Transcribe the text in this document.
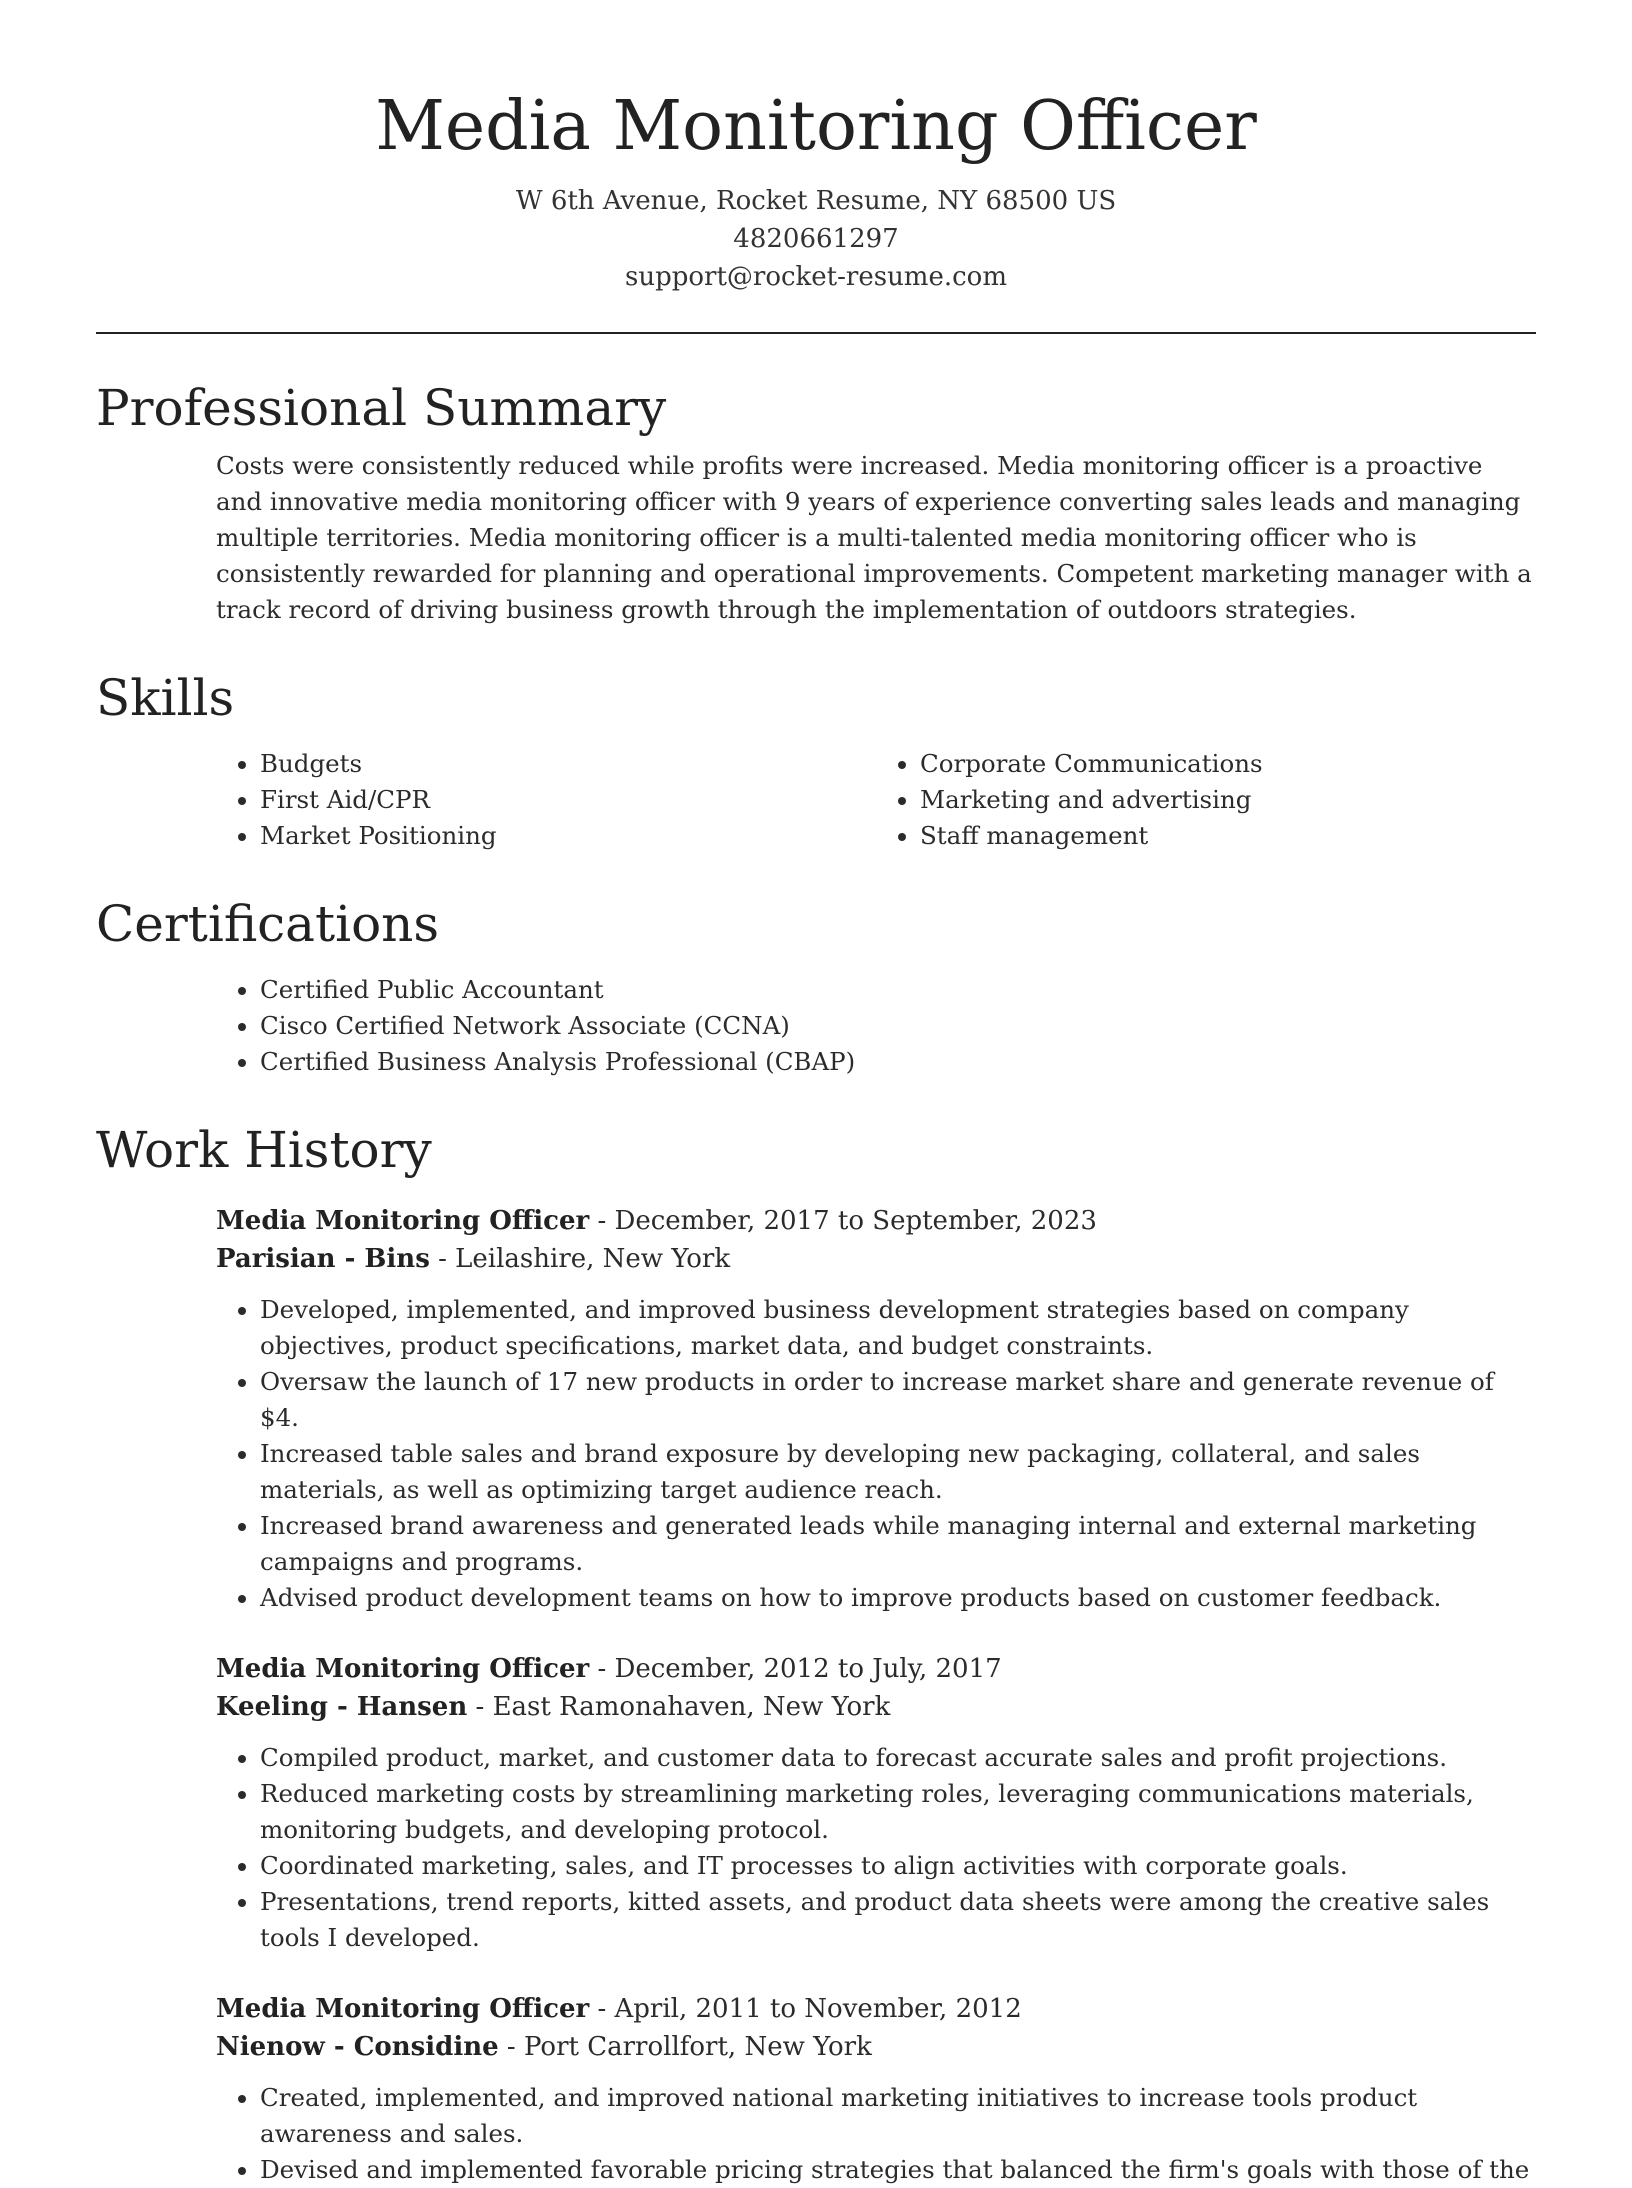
Media Monitoring Officer
W 6th Avenue, Rocket Resume, NY 68500 US
4820661297
support@rocket-resume.com
Professional Summary
Costs were consistently reduced while profits were increased. Media monitoring officer is a proactive and innovative media monitoring officer with 9 years of experience converting sales leads and managing multiple territories. Media monitoring officer is a multi-talented media monitoring officer who is consistently rewarded for planning and operational improvements. Competent marketing manager with a track record of driving business growth through the implementation of outdoors strategies.
Skills
• Budgets
• First Aid/CPR
• Market Positioning
• Corporate Communications
• Marketing and advertising
• Staff management
Certifications
• Certified Public Accountant
• Cisco Certified Network Associate (CCNA)
• Certified Business Analysis Professional (CBAP)
Work History
Media Monitoring Officer - December, 2017 to September, 2023
Parisian - Bins - Leilashire, New York
• Developed, implemented, and improved business development strategies based on company objectives, product specifications, market data, and budget constraints.
• Oversaw the launch of 17 new products in order to increase market share and generate revenue of $4.
• Increased table sales and brand exposure by developing new packaging, collateral, and sales materials, as well as optimizing target audience reach.
• Increased brand awareness and generated leads while managing internal and external marketing campaigns and programs.
• Advised product development teams on how to improve products based on customer feedback.
Media Monitoring Officer - December, 2012 to July, 2017
Keeling - Hansen - East Ramonahaven, New York
• Compiled product, market, and customer data to forecast accurate sales and profit projections.
• Reduced marketing costs by streamlining marketing roles, leveraging communications materials, monitoring budgets, and developing protocol.
• Coordinated marketing, sales, and IT processes to align activities with corporate goals.
• Presentations, trend reports, kitted assets, and product data sheets were among the creative sales tools I developed.
Media Monitoring Officer - April, 2011 to November, 2012
Nienow - Considine - Port Carrollfort, New York
• Created, implemented, and improved national marketing initiatives to increase tools product awareness and sales.
• Devised and implemented favorable pricing strategies that balanced the firm's goals with those of the
